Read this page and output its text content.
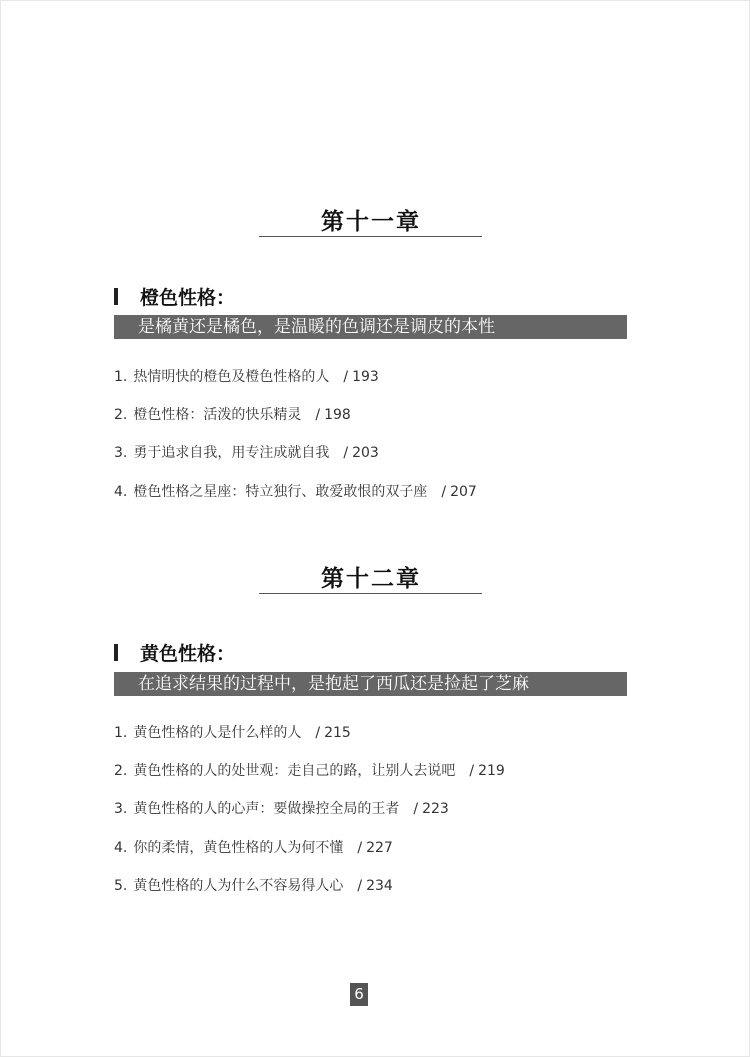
第十一章
橙色性格：
是橘黄还是橘色，是温暖的色调还是调皮的本性
1. 热情明快的橙色及橙色性格的人 / 193
2. 橙色性格：活泼的快乐精灵 / 198
3. 勇于追求自我，用专注成就自我 / 203
4. 橙色性格之星座：特立独行、敢爱敢恨的双子座 / 207
第十二章
黄色性格：
在追求结果的过程中，是抱起了西瓜还是捡起了芝麻
1. 黄色性格的人是什么样的人 / 215
2. 黄色性格的人的处世观：走自己的路，让别人去说吧 / 219
3. 黄色性格的人的心声：要做操控全局的王者 / 223
4. 你的柔情，黄色性格的人为何不懂 / 227
5. 黄色性格的人为什么不容易得人心 / 234
6
